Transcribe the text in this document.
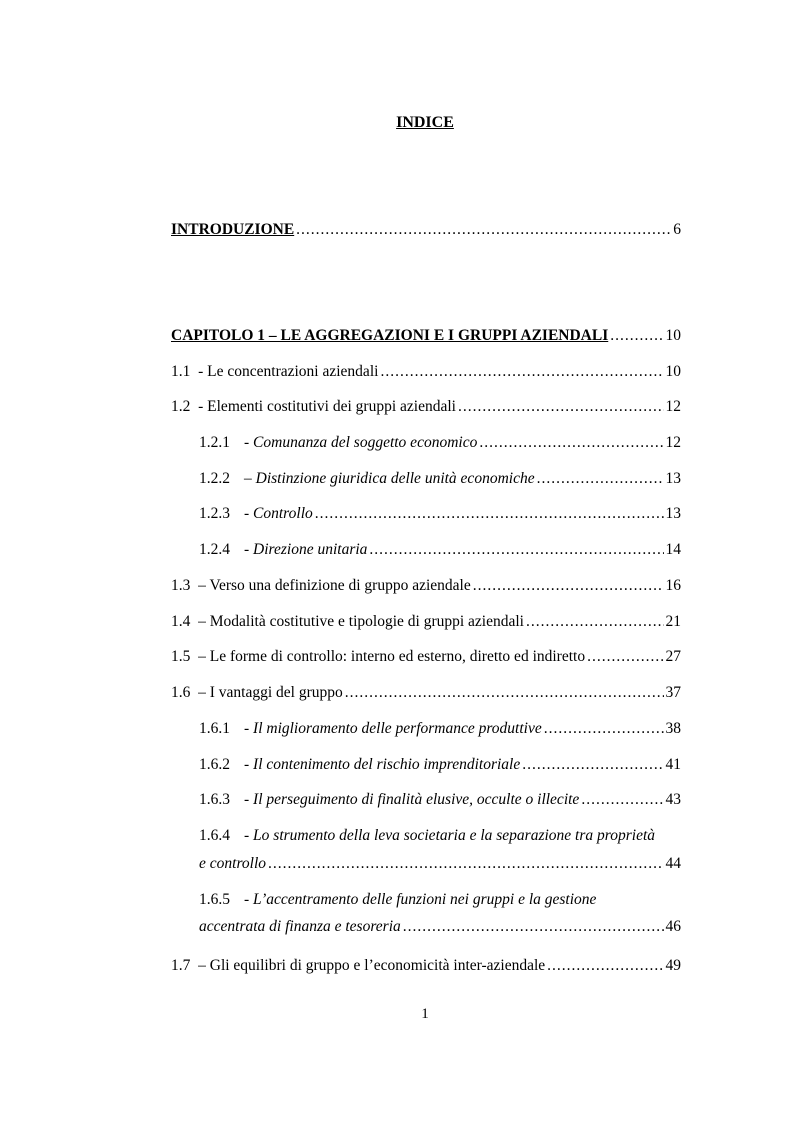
INDICE
INTRODUZIONE .....	6
CAPITOLO 1 – LE AGGREGAZIONI E I GRUPPI AZIENDALI .....	10
1.1 - Le concentrazioni aziendali .....	10
1.2 - Elementi costitutivi dei gruppi aziendali .....	12
1.2.1 - Comunanza del soggetto economico .....	12
1.2.2 – Distinzione giuridica delle unità economiche .....	13
1.2.3 - Controllo .....	13
1.2.4 - Direzione unitaria .....	14
1.3 – Verso una definizione di gruppo aziendale .....	16
1.4 – Modalità costitutive e tipologie di gruppi aziendali .....	21
1.5 – Le forme di controllo: interno ed esterno, diretto ed indiretto .....	27
1.6 – I vantaggi del gruppo .....	37
1.6.1 - Il miglioramento delle performance produttive .....	38
1.6.2 - Il contenimento del rischio imprenditoriale .....	41
1.6.3 - Il perseguimento di finalità elusive, occulte o illecite .....	43
1.6.4 - Lo strumento della leva societaria e la separazione tra proprietà
e controllo .....	44
1.6.5 - L’accentramento delle funzioni nei gruppi e la gestione
accentrata di finanza e tesoreria .....	46
1.7 – Gli equilibri di gruppo e l’economicità inter-aziendale .....	49
1
